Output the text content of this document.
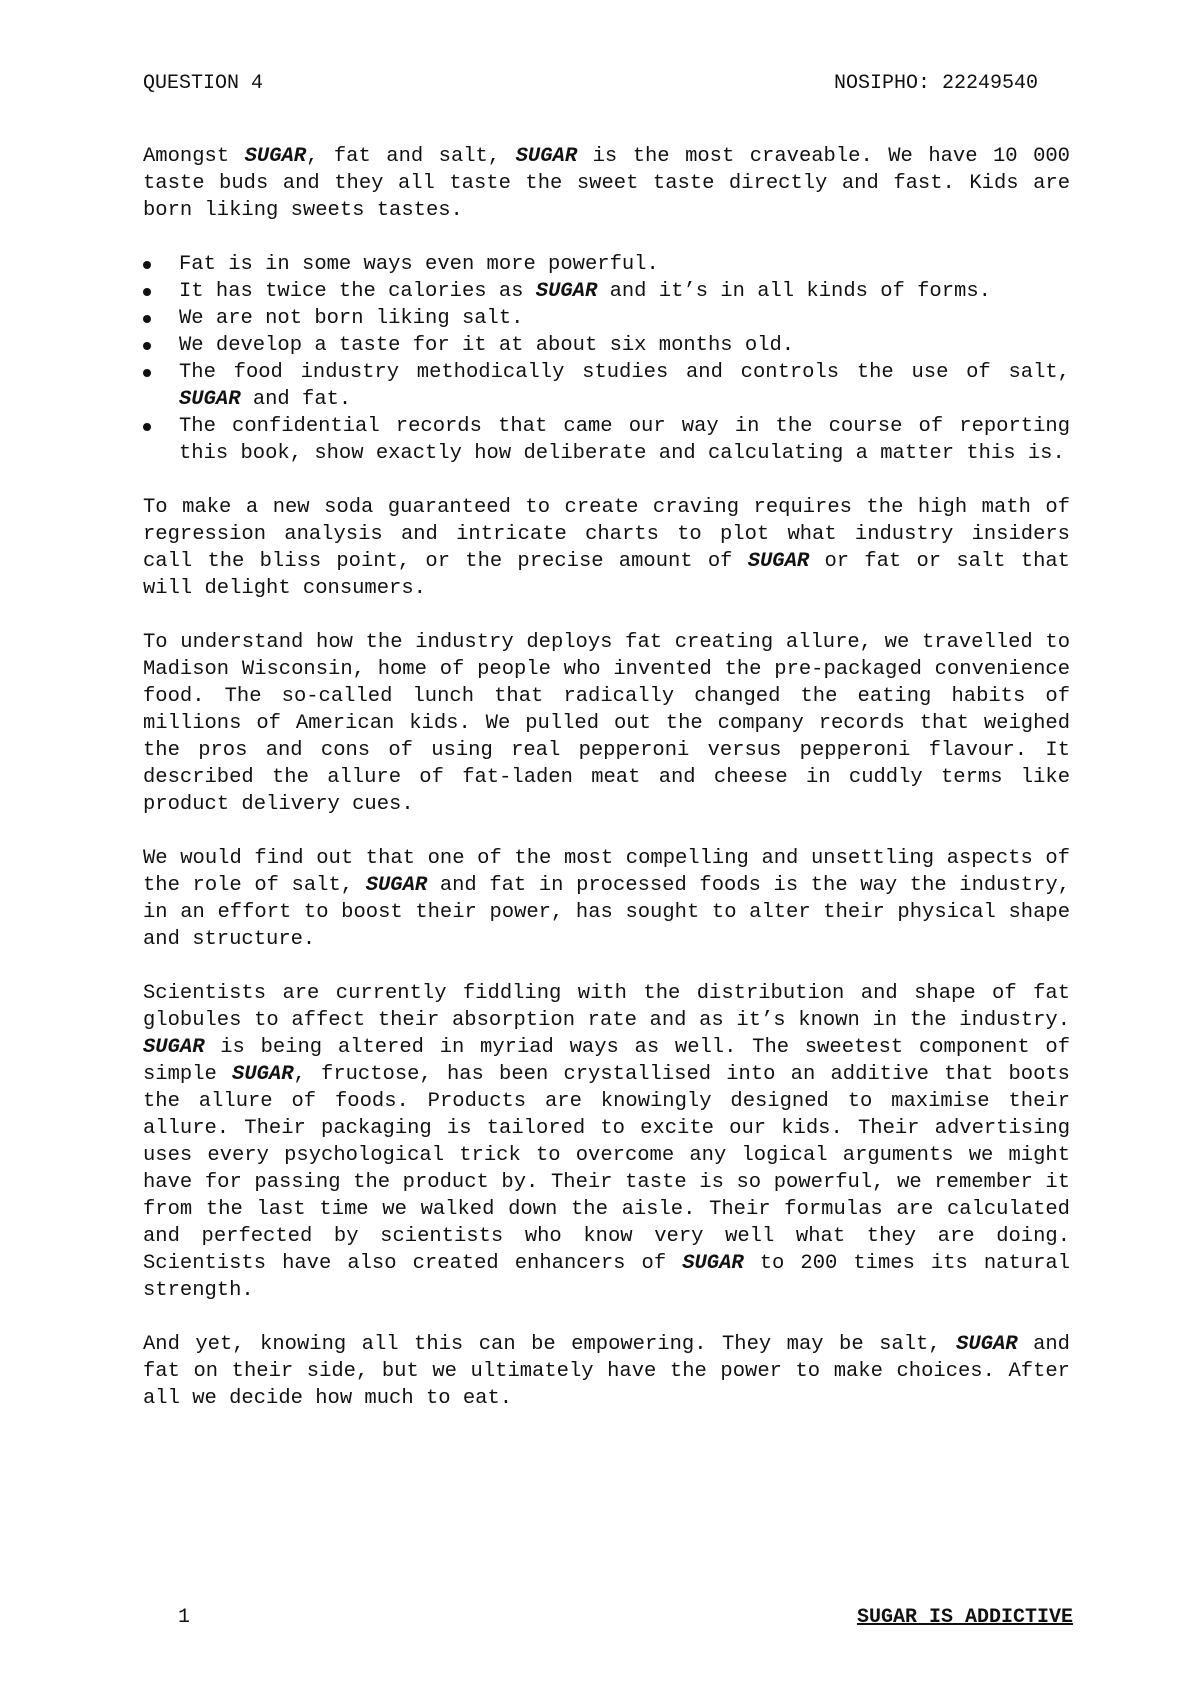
QUESTION 4	NOSIPHO: 22249540

Amongst SUGAR, fat and salt, SUGAR is the most craveable. We have 10 000 taste buds and they all taste the sweet taste directly and fast. Kids are born liking sweets tastes.

Fat is in some ways even more powerful.
It has twice the calories as SUGAR and it’s in all kinds of forms.
We are not born liking salt.
We develop a taste for it at about six months old.
The food industry methodically studies and controls the use of salt, SUGAR and fat.
The confidential records that came our way in the course of reporting this book, show exactly how deliberate and calculating a matter this is.

To make a new soda guaranteed to create craving requires the high math of regression analysis and intricate charts to plot what industry insiders call the bliss point, or the precise amount of SUGAR or fat or salt that will delight consumers.

To understand how the industry deploys fat creating allure, we travelled to Madison Wisconsin, home of people who invented the pre-packaged convenience food. The so-called lunch that radically changed the eating habits of millions of American kids. We pulled out the company records that weighed the pros and cons of using real pepperoni versus pepperoni flavour. It described the allure of fat-laden meat and cheese in cuddly terms like product delivery cues.

We would find out that one of the most compelling and unsettling aspects of the role of salt, SUGAR and fat in processed foods is the way the industry, in an effort to boost their power, has sought to alter their physical shape and structure.

Scientists are currently fiddling with the distribution and shape of fat globules to affect their absorption rate and as it’s known in the industry. SUGAR is being altered in myriad ways as well. The sweetest component of simple SUGAR, fructose, has been crystallised into an additive that boots the allure of foods. Products are knowingly designed to maximise their allure. Their packaging is tailored to excite our kids. Their advertising uses every psychological trick to overcome any logical arguments we might have for passing the product by. Their taste is so powerful, we remember it from the last time we walked down the aisle. Their formulas are calculated and perfected by scientists who know very well what they are doing. Scientists have also created enhancers of SUGAR to 200 times its natural strength.

And yet, knowing all this can be empowering. They may be salt, SUGAR and fat on their side, but we ultimately have the power to make choices. After all we decide how much to eat.

1	SUGAR IS ADDICTIVE
